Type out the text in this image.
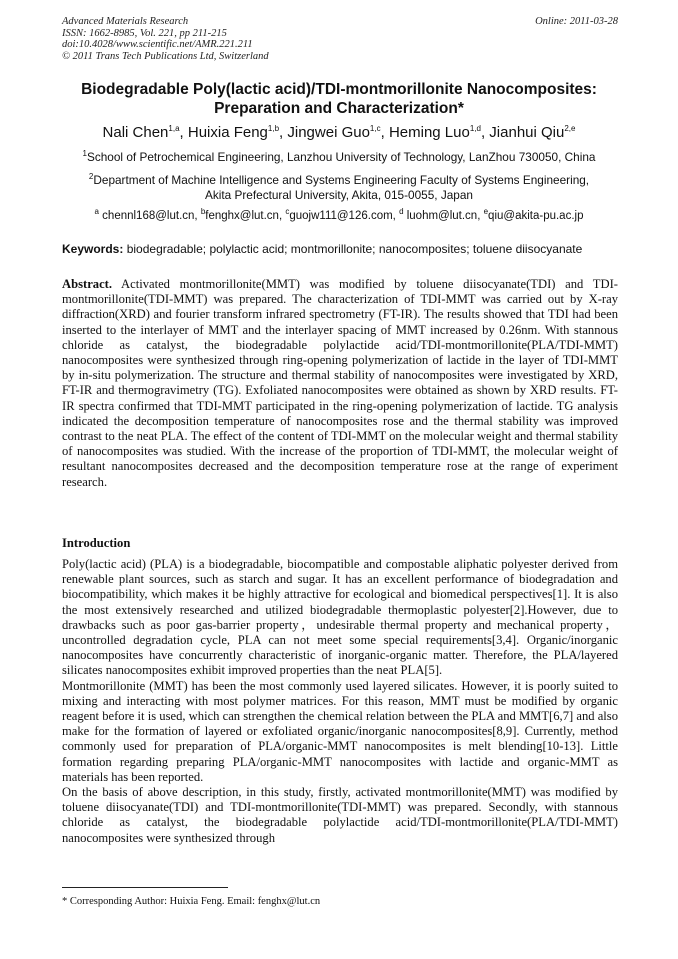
Advanced Materials Research
ISSN: 1662-8985, Vol. 221, pp 211-215
doi:10.4028/www.scientific.net/AMR.221.211
© 2011 Trans Tech Publications Ltd, Switzerland
Online: 2011-03-28
Biodegradable Poly(lactic acid)/TDI-montmorillonite Nanocomposites:
Preparation and Characterization*
Nali Chen$^{1,a}$, Huixia Feng$^{1,b}$, Jingwei Guo$^{1,c}$, Heming Luo$^{1,d}$, Jianhui Qiu$^{2,e}$
$^1$School of Petrochemical Engineering, Lanzhou University of Technology, LanZhou 730050, China
$^2$Department of Machine Intelligence and Systems Engineering Faculty of Systems Engineering,
Akita Prefectural University, Akita, 015-0055, Japan
$^a$ chennl168@lut.cn, $^b$fenghx@lut.cn, $^c$guojw111@126.com, $^d$ luohm@lut.cn, $^e$qiu@akita-pu.ac.jp
Keywords: biodegradable; polylactic acid; montmorillonite; nanocomposites; toluene diisocyanate
Abstract. Activated montmorillonite(MMT) was modified by toluene diisocyanate(TDI) and TDI-montmorillonite(TDI-MMT) was prepared. The characterization of TDI-MMT was carried out by X-ray diffraction(XRD) and fourier transform infrared spectrometry (FT-IR). The results showed that TDI had been inserted to the interlayer of MMT and the interlayer spacing of MMT increased by 0.26nm. With stannous chloride as catalyst, the biodegradable polylactide acid/TDI-montmorillonite(PLA/TDI-MMT) nanocomposites were synthesized through ring-opening polymerization of lactide in the layer of TDI-MMT by in-situ polymerization. The structure and thermal stability of nanocomposites were investigated by XRD, FT-IR and thermogravimetry (TG). Exfoliated nanocomposites were obtained as shown by XRD results. FT-IR spectra confirmed that TDI-MMT participated in the ring-opening polymerization of lactide. TG analysis indicated the decomposition temperature of nanocomposites rose and the thermal stability was improved contrast to the neat PLA. The effect of the content of TDI-MMT on the molecular weight and thermal stability of nanocomposites was studied. With the increase of the proportion of TDI-MMT, the molecular weight of resultant nanocomposites decreased and the decomposition temperature rose at the range of experiment research.
Introduction

Poly(lactic acid) (PLA) is a biodegradable, biocompatible and compostable aliphatic polyester derived from renewable plant sources, such as starch and sugar. It has an excellent performance of biodegradation and biocompatibility, which makes it be highly attractive for ecological and biomedical perspectives[1]. It is also the most extensively researched and utilized biodegradable thermoplastic polyester[2].However, due to drawbacks such as poor gas-barrier property，undesirable thermal property and mechanical property，uncontrolled degradation cycle, PLA can not meet some special requirements[3,4]. Organic/inorganic nanocomposites have concurrently characteristic of inorganic-organic matter. Therefore, the PLA/layered silicates nanocomposites exhibit improved properties than the neat PLA[5].

Montmorillonite (MMT) has been the most commonly used layered silicates. However, it is poorly suited to mixing and interacting with most polymer matrices. For this reason, MMT must be modified by organic reagent before it is used, which can strengthen the chemical relation between the PLA and MMT[6,7] and also make for the formation of layered or exfoliated organic/inorganic nanocomposites[8,9]. Currently, method commonly used for preparation of PLA/organic-MMT nanocomposites is melt blending[10-13]. Little formation regarding preparing PLA/organic-MMT nanocomposites with lactide and organic-MMT as materials has been reported.

On the basis of above description, in this study, firstly, activated montmorillonite(MMT) was modified by toluene diisocyanate(TDI) and TDI-montmorillonite(TDI-MMT) was prepared. Secondly, with stannous chloride as catalyst, the biodegradable polylactide acid/TDI-montmorillonite(PLA/TDI-MMT) nanocomposites were synthesized through

* Corresponding Author: Huixia Feng. Email: fenghx@lut.cn
